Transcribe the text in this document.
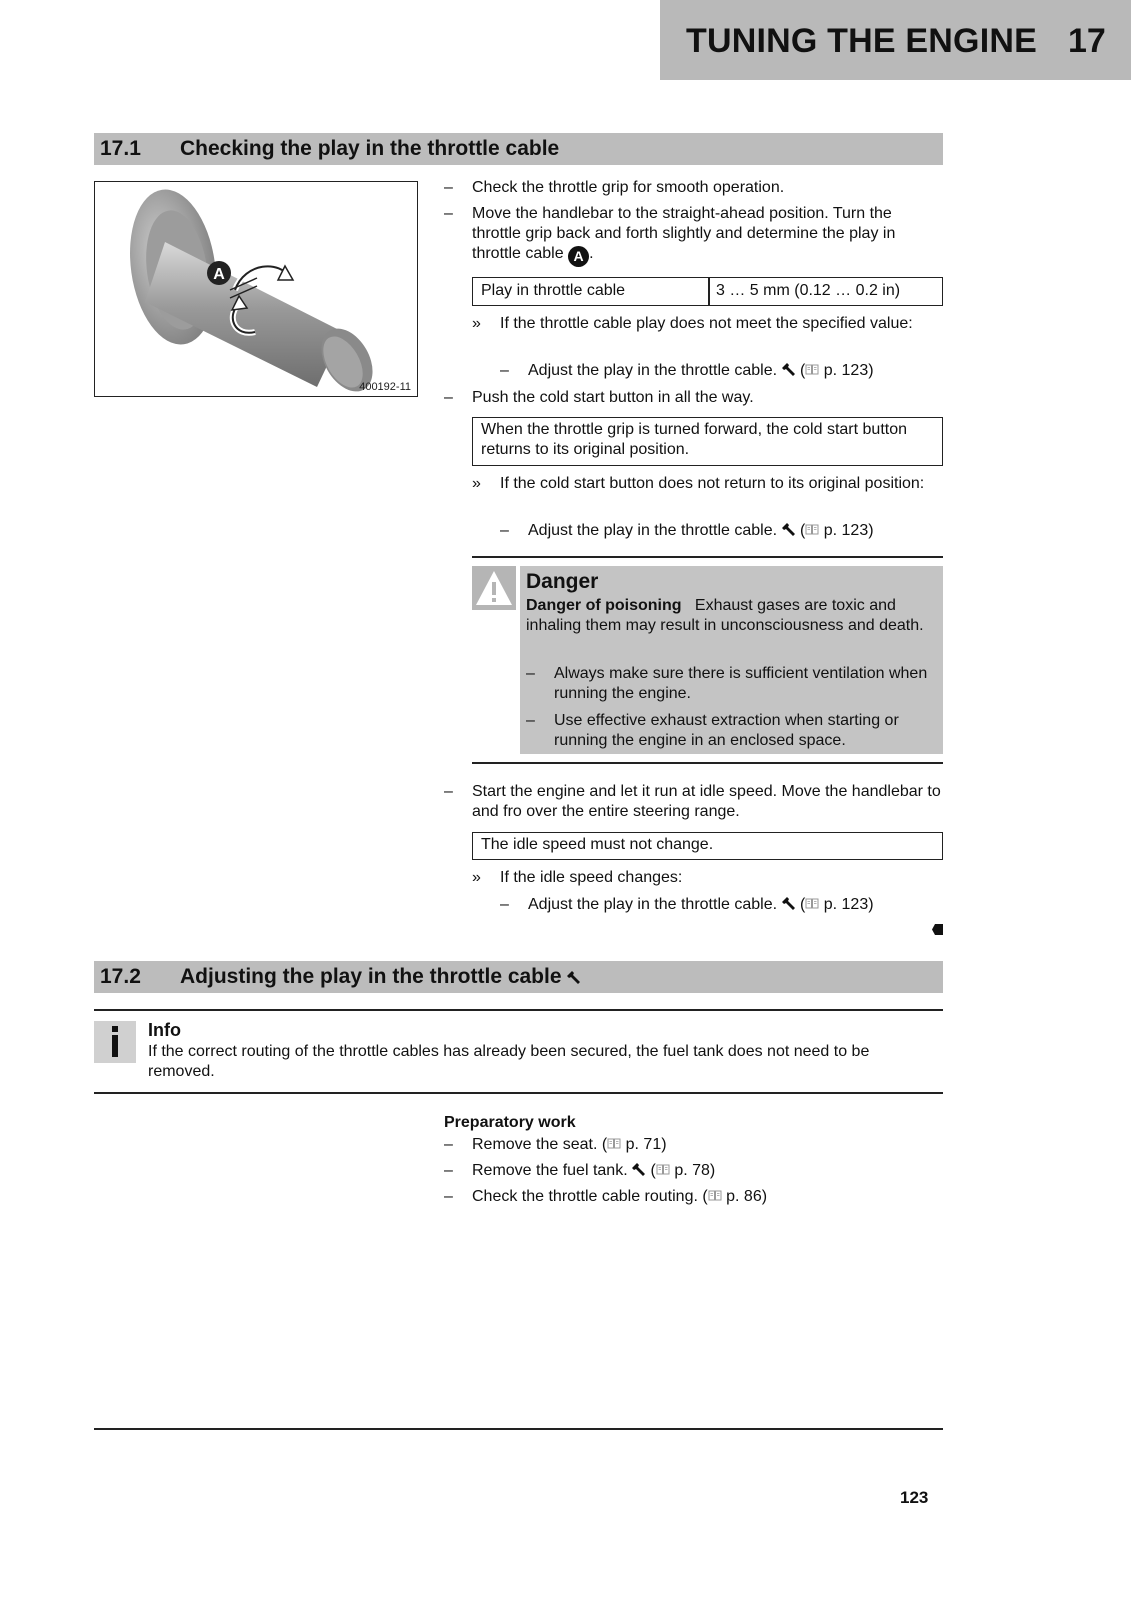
TUNING THE ENGINE 17
17.1 Checking the play in the throttle cable
A
400192-11
–	Check the throttle grip for smooth operation.
–	Move the handlebar to the straight-ahead position. Turn the throttle grip back and forth slightly and determine the play in throttle cable A .
Play in throttle cable	3 … 5 mm (0.12 … 0.2 in)
» If the throttle cable play does not meet the specified value:
– Adjust the play in the throttle cable.  ( p. 123)
–	Push the cold start button in all the way.
When the throttle grip is turned forward, the cold start button returns to its original position.
» If the cold start button does not return to its original position:
– Adjust the play in the throttle cable.  ( p. 123)
Danger
Danger of poisoning Exhaust gases are toxic and inhaling them may result in unconsciousness and death.
– Always make sure there is sufficient ventilation when running the engine.
– Use effective exhaust extraction when starting or running the engine in an enclosed space.
–	Start the engine and let it run at idle speed. Move the handlebar to and fro over the entire steering range.
The idle speed must not change.
» If the idle speed changes:
– Adjust the play in the throttle cable.  ( p. 123)
17.2 Adjusting the play in the throttle cable
Info
If the correct routing of the throttle cables has already been secured, the fuel tank does not need to be removed.
Preparatory work
–	Remove the seat. ( p. 71)
–	Remove the fuel tank.  ( p. 78)
–	Check the throttle cable routing. ( p. 86)
123
